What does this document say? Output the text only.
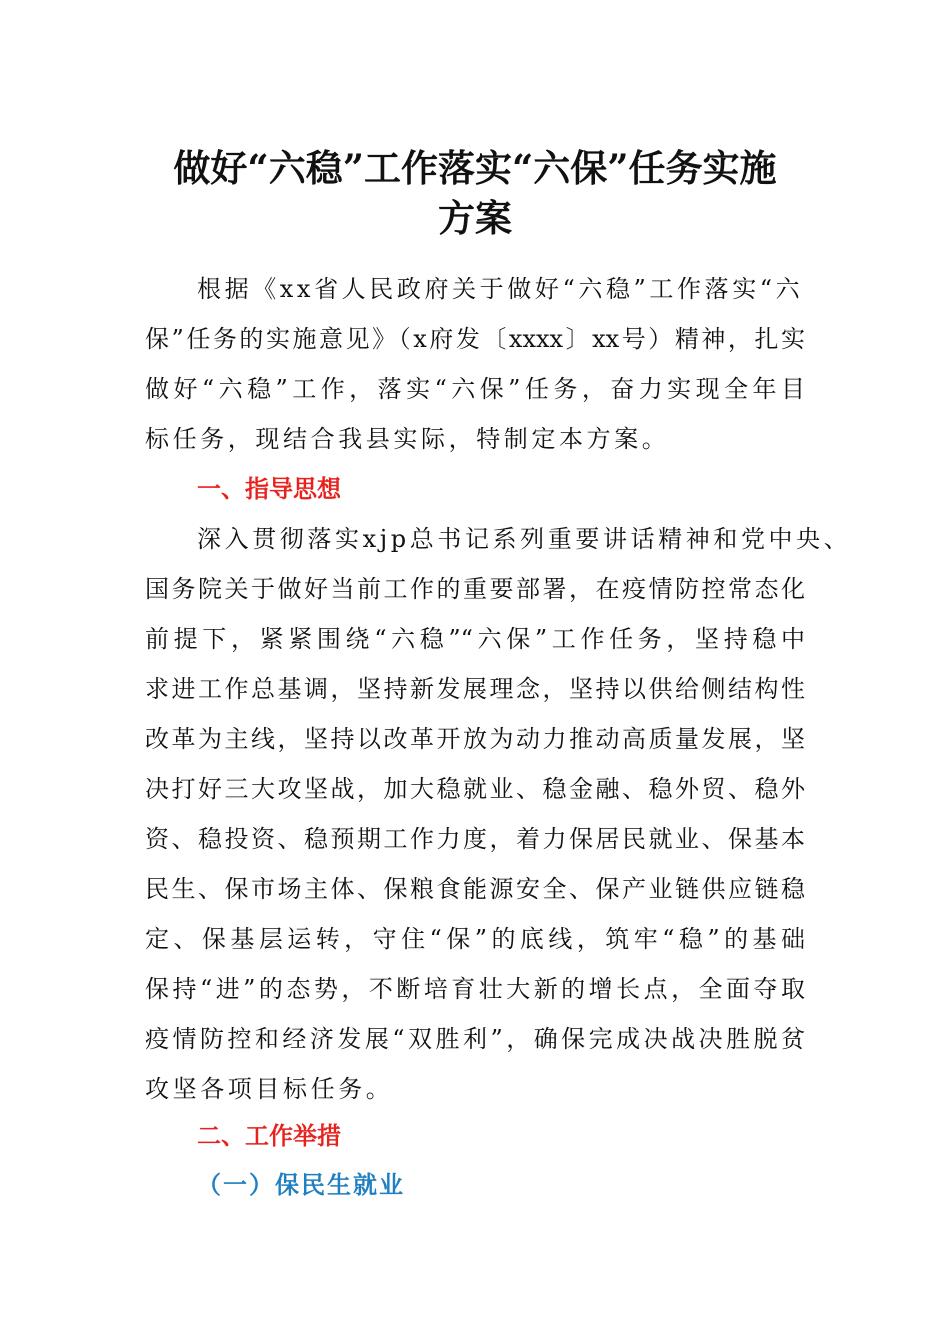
做好“六稳”工作落实“六保”任务实施
方案
根据《xx省人民政府关于做好“六稳”工作落实“六
保”任务的实施意见》（x府发〔xxxx〕xx号）精神，扎实
做好“六稳”工作，落实“六保”任务，奋力实现全年目
标任务，现结合我县实际，特制定本方案。
一、指导思想
深入贯彻落实xjp总书记系列重要讲话精神和党中央、
国务院关于做好当前工作的重要部署，在疫情防控常态化
前提下，紧紧围绕“六稳”“六保”工作任务，坚持稳中
求进工作总基调，坚持新发展理念，坚持以供给侧结构性
改革为主线，坚持以改革开放为动力推动高质量发展，坚
决打好三大攻坚战，加大稳就业、稳金融、稳外贸、稳外
资、稳投资、稳预期工作力度，着力保居民就业、保基本
民生、保市场主体、保粮食能源安全、保产业链供应链稳
定、保基层运转，守住“保”的底线，筑牢“稳”的基础
保持“进”的态势，不断培育壮大新的增长点，全面夺取
疫情防控和经济发展“双胜利”，确保完成决战决胜脱贫
攻坚各项目标任务。
二、工作举措
（一）保民生就业
